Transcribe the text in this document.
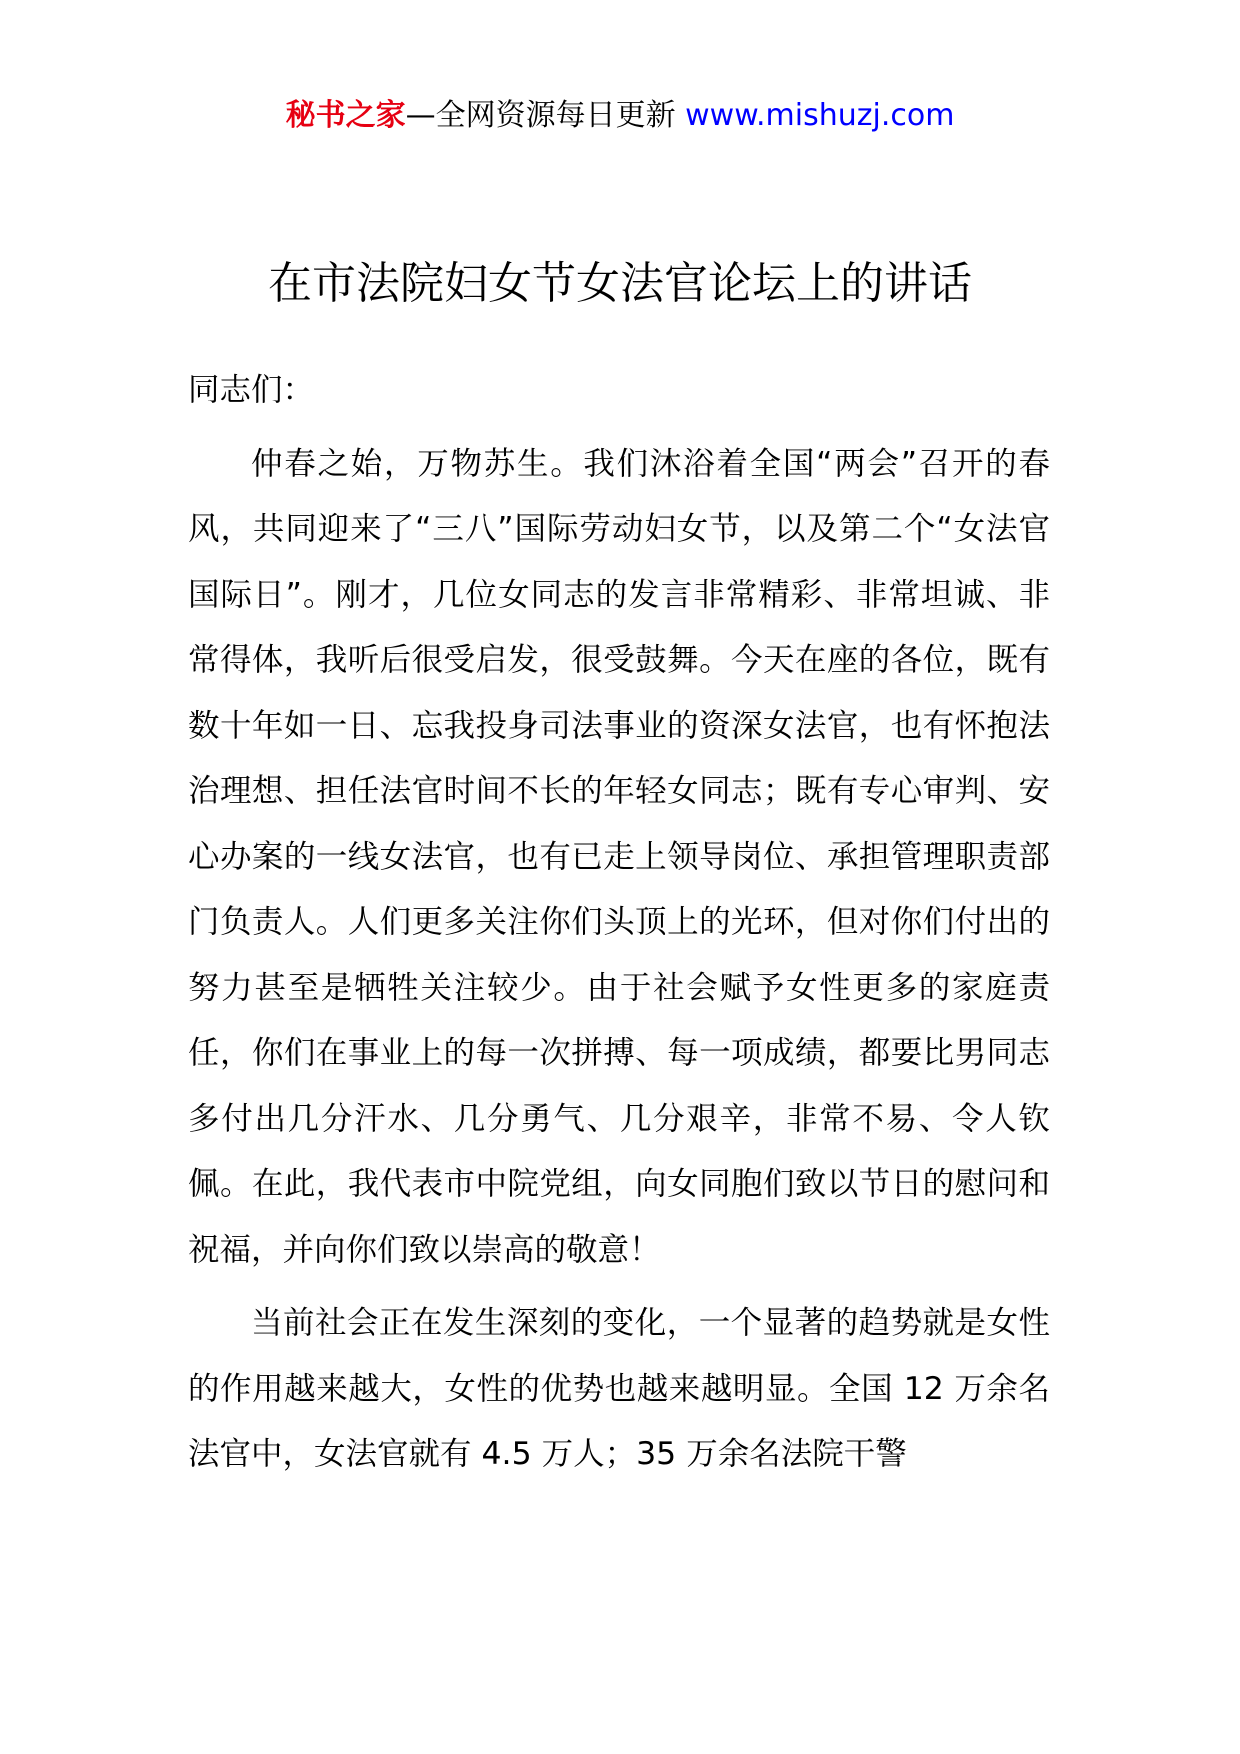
秘书之家—全网资源每日更新 www.mishuzj.com
在市法院妇女节女法官论坛上的讲话

同志们：

仲春之始，万物苏生。我们沐浴着全国“两会”召开的春风，共同迎来了“三八”国际劳动妇女节，以及第二个“女法官国际日”。刚才，几位女同志的发言非常精彩、非常坦诚、非常得体，我听后很受启发，很受鼓舞。今天在座的各位，既有数十年如一日、忘我投身司法事业的资深女法官，也有怀抱法治理想、担任法官时间不长的年轻女同志；既有专心审判、安心办案的一线女法官，也有已走上领导岗位、承担管理职责部门负责人。人们更多关注你们头顶上的光环，但对你们付出的努力甚至是牺牲关注较少。由于社会赋予女性更多的家庭责任，你们在事业上的每一次拼搏、每一项成绩，都要比男同志多付出几分汗水、几分勇气、几分艰辛，非常不易、令人钦佩。在此，我代表市中院党组，向女同胞们致以节日的慰问和祝福，并向你们致以崇高的敬意！

当前社会正在发生深刻的变化，一个显著的趋势就是女性的作用越来越大，女性的优势也越来越明显。全国 12 万余名法官中，女法官就有 4.5 万人；35 万余名法院干警
